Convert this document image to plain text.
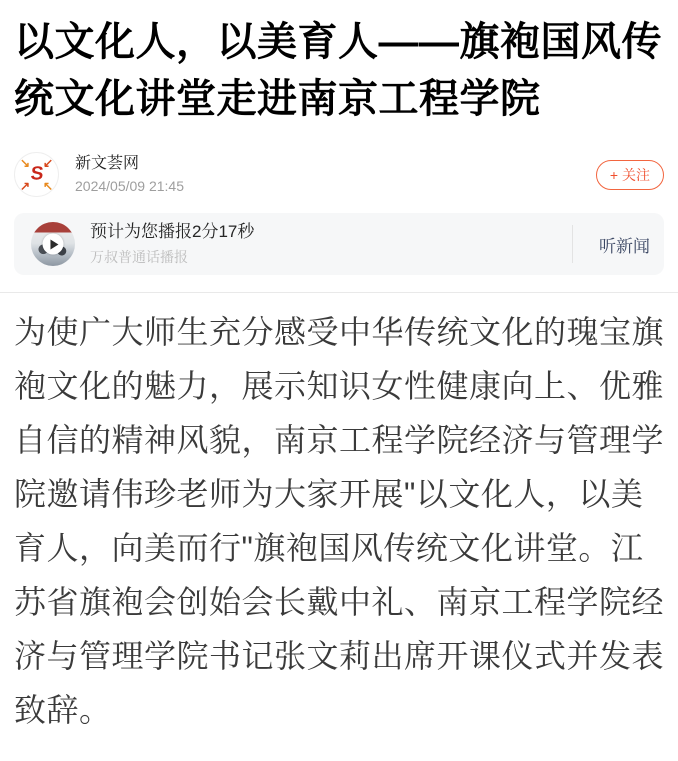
以文化人，以美育人——旗袍国风传统文化讲堂走进南京工程学院
↘ ↙
↗ ↖
S 新文荟网
2024/05/09 21:45
+ 关注
预计为您播报2分17秒
万叔普通话播报
听新闻

为使广大师生充分感受中华传统文化的瑰宝旗袍文化的魅力，展示知识女性健康向上、优雅自信的精神风貌，南京工程学院经济与管理学院邀请伟珍老师为大家开展"以文化人，以美育人，向美而行"旗袍国风传统文化讲堂。江苏省旗袍会创始会长戴中礼、南京工程学院经济与管理学院书记张文莉出席开课仪式并发表致辞。
